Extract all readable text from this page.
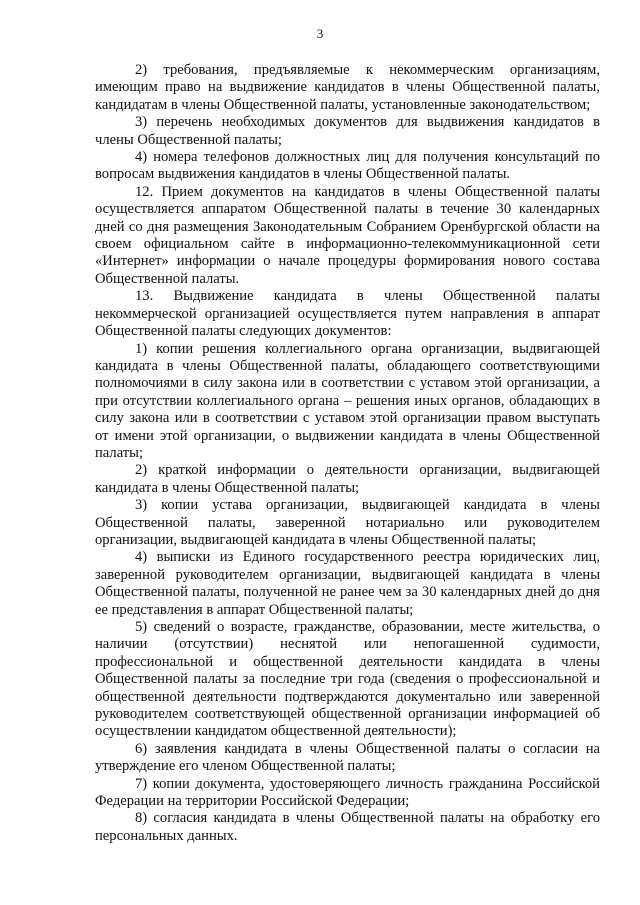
3

2) требования, предъявляемые к некоммерческим организациям, имеющим право на выдвижение кандидатов в члены Общественной палаты, кандидатам в члены Общественной палаты, установленные законодательством;

3) перечень необходимых документов для выдвижения кандидатов в члены Общественной палаты;

4) номера телефонов должностных лиц для получения консультаций по вопросам выдвижения кандидатов в члены Общественной палаты.

12. Прием документов на кандидатов в члены Общественной палаты осуществляется аппаратом Общественной палаты в течение 30 календарных дней со дня размещения Законодательным Собранием Оренбургской области на своем официальном сайте в информационно-телекоммуникационной сети «Интернет» информации о начале процедуры формирования нового состава Общественной палаты.

13. Выдвижение кандидата в члены Общественной палаты некоммерческой организацией осуществляется путем направления в аппарат Общественной палаты следующих документов:

1) копии решения коллегиального органа организации, выдвигающей кандидата в члены Общественной палаты, обладающего соответствующими полномочиями в силу закона или в соответствии с уставом этой организации, а при отсутствии коллегиального органа – решения иных органов, обладающих в силу закона или в соответствии с уставом этой организации правом выступать от имени этой организации, о выдвижении кандидата в члены Общественной палаты;

2) краткой информации о деятельности организации, выдвигающей кандидата в члены Общественной палаты;

3) копии устава организации, выдвигающей кандидата в члены Общественной палаты, заверенной нотариально или руководителем организации, выдвигающей кандидата в члены Общественной палаты;

4) выписки из Единого государственного реестра юридических лиц, заверенной руководителем организации, выдвигающей кандидата в члены Общественной палаты, полученной не ранее чем за 30 календарных дней до дня ее представления в аппарат Общественной палаты;

5) сведений о возрасте, гражданстве, образовании, месте жительства, о наличии (отсутствии) неснятой или непогашенной судимости, профессиональной и общественной деятельности кандидата в члены Общественной палаты за последние три года (сведения о профессиональной и общественной деятельности подтверждаются документально или заверенной руководителем соответствующей общественной организации информацией об осуществлении кандидатом общественной деятельности);

6) заявления кандидата в члены Общественной палаты о согласии на утверждение его членом Общественной палаты;

7) копии документа, удостоверяющего личность гражданина Российской Федерации на территории Российской Федерации;

8) согласия кандидата в члены Общественной палаты на обработку его персональных данных.
